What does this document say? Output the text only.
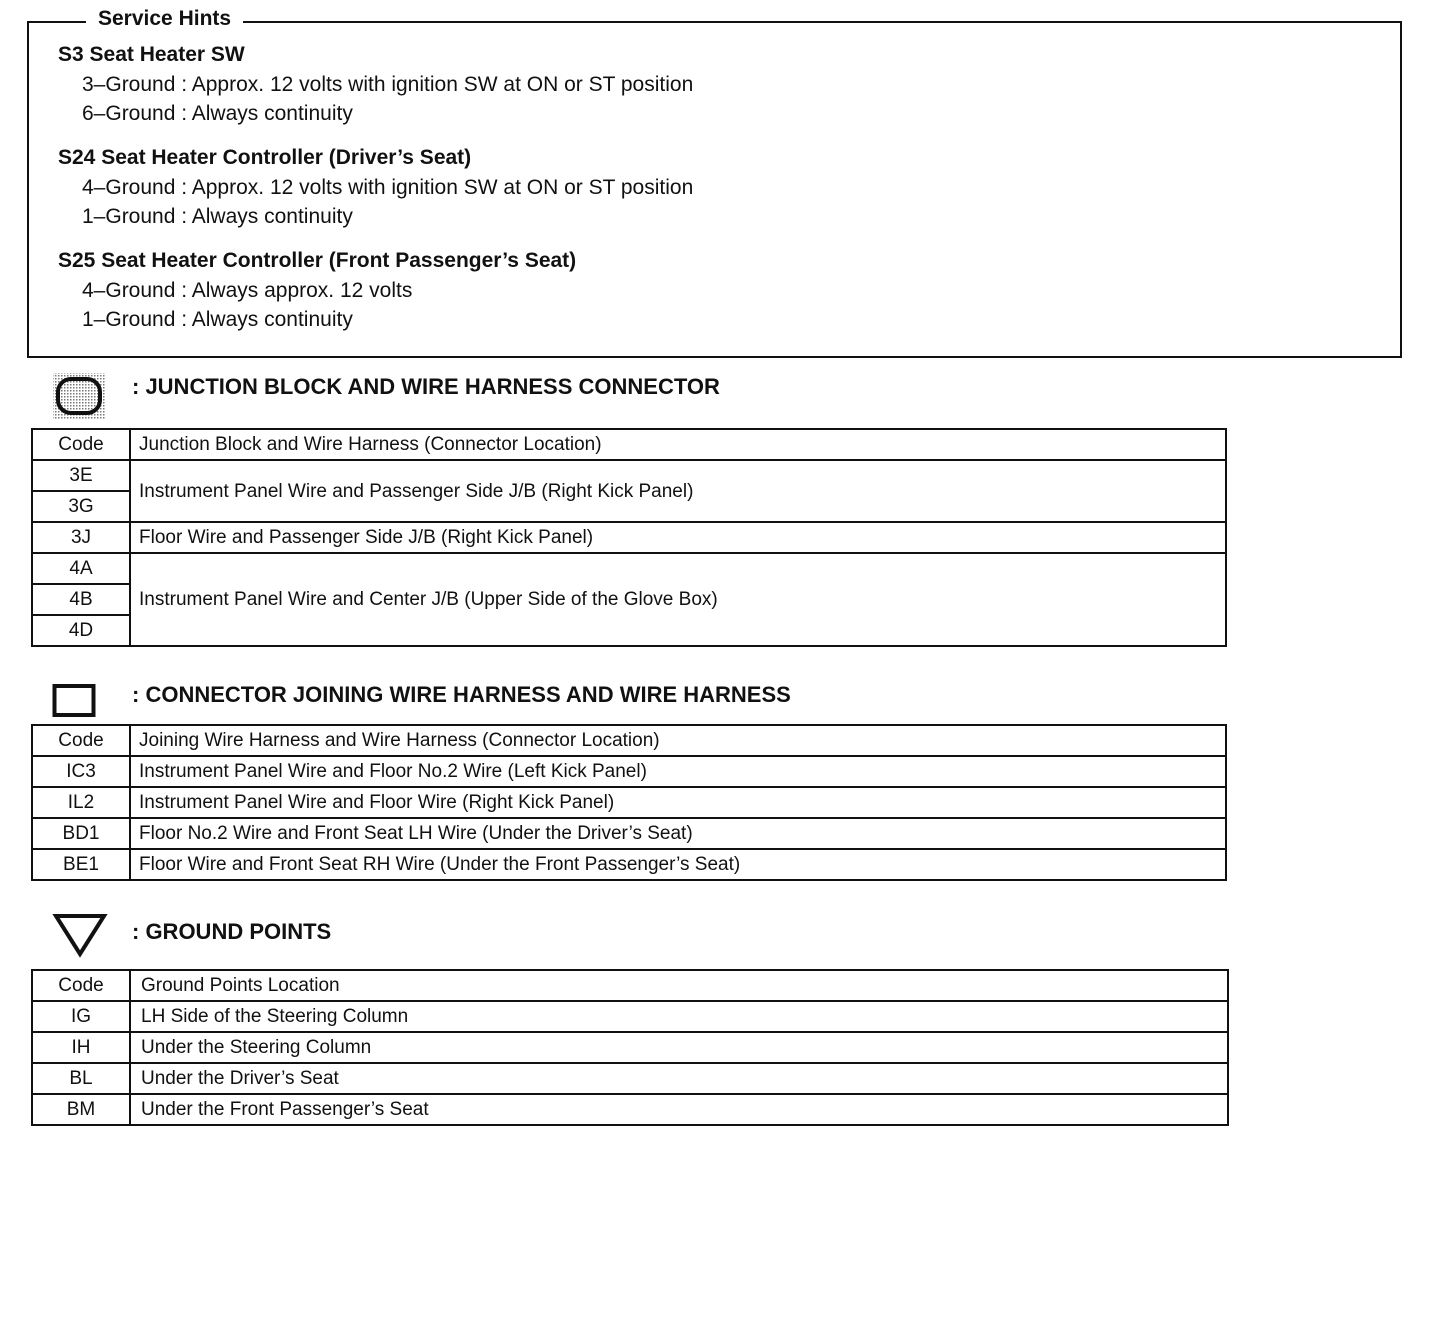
Service Hints
S3 Seat Heater SW
3–Ground : Approx. 12 volts with ignition SW at ON or ST position
6–Ground : Always continuity
S24 Seat Heater Controller (Driver’s Seat)
4–Ground : Approx. 12 volts with ignition SW at ON or ST position
1–Ground : Always continuity
S25 Seat Heater Controller (Front Passenger’s Seat)
4–Ground : Always approx. 12 volts
1–Ground : Always continuity
: JUNCTION BLOCK AND WIRE HARNESS CONNECTOR
Code	Junction Block and Wire Harness (Connector Location)
3E	Instrument Panel Wire and Passenger Side J/B (Right Kick Panel)
3G	
3J	Floor Wire and Passenger Side J/B (Right Kick Panel)
4A	Instrument Panel Wire and Center J/B (Upper Side of the Glove Box)
4B	
4D	
: CONNECTOR JOINING WIRE HARNESS AND WIRE HARNESS
Code	Joining Wire Harness and Wire Harness (Connector Location)
IC3	Instrument Panel Wire and Floor No.2 Wire (Left Kick Panel)
IL2	Instrument Panel Wire and Floor Wire (Right Kick Panel)
BD1	Floor No.2 Wire and Front Seat LH Wire (Under the Driver’s Seat)
BE1	Floor Wire and Front Seat RH Wire (Under the Front Passenger’s Seat)
: GROUND POINTS
Code	Ground Points Location
IG	LH Side of the Steering Column
IH	Under the Steering Column
BL	Under the Driver’s Seat
BM	Under the Front Passenger’s Seat
